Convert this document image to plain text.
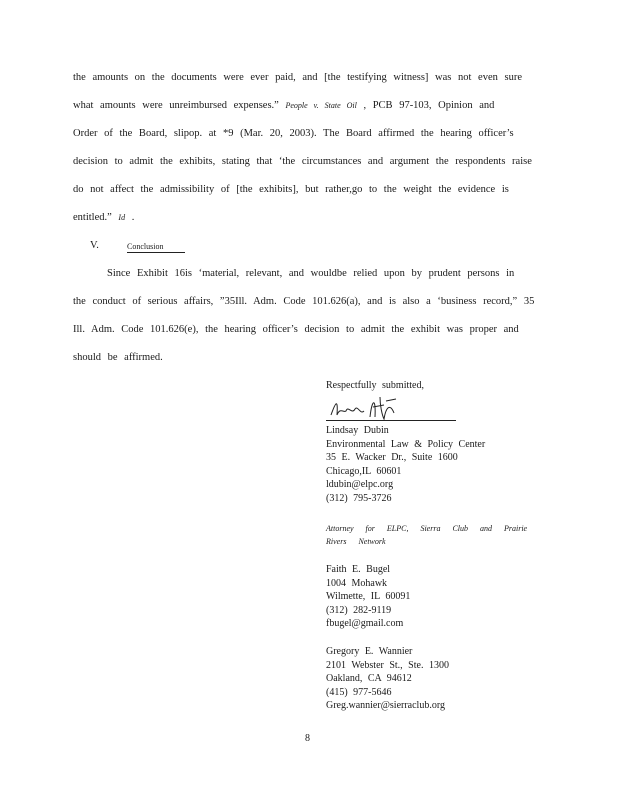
the amounts on the documents were ever paid, and [the testifying witness] was not even sure
what amounts were unreimbursed expenses.” People v. State Oil , PCB 97-103, Opinion and
Order of the Board, slipop. at *9 (Mar. 20, 2003). The Board affirmed the hearing officer’s
decision to admit the exhibits, stating that ‘the circumstances and argument the respondents raise
do not affect the admissibility of [the exhibits], but rather,go to the weight the evidence is
entitled.” Id .
V.	Conclusion
Since Exhibit 16is ‘material, relevant, and wouldbe relied upon by prudent persons in
the conduct of serious affairs, ”35Ill. Adm. Code 101.626(a), and is also a ‘business record,” 35
Ill. Adm. Code 101.626(e), the hearing officer’s decision to admit the exhibit was proper and
should be affirmed.
Respectfully submitted,
Lindsay Dubin
Environmental Law & Policy Center
35 E. Wacker Dr., Suite 1600
Chicago,IL 60601
ldubin@elpc.org
(312) 795-3726
Attorney for ELPC, Sierra Club and Prairie Rivers Network
Faith E. Bugel
1004 Mohawk
Wilmette, IL 60091
(312) 282-9119
fbugel@gmail.com
Gregory E. Wannier
2101 Webster St., Ste. 1300
Oakland, CA 94612
(415) 977-5646
Greg.wannier@sierraclub.org
8
